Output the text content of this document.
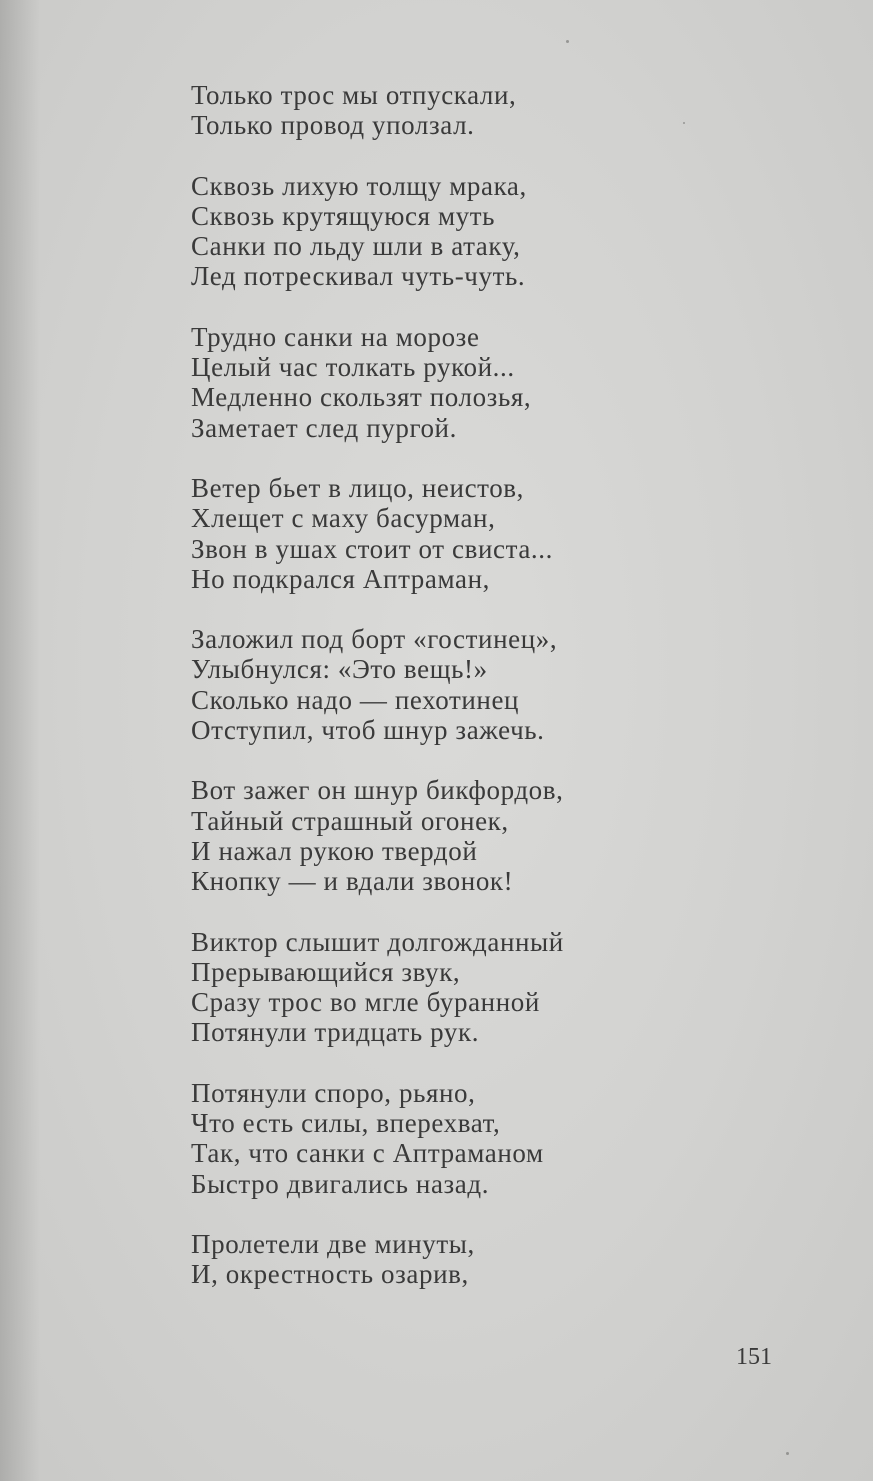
Только трос мы отпускали,
Только провод уползал.
Сквозь лихую толщу мрака,
Сквозь крутящуюся муть
Санки по льду шли в атаку,
Лед потрескивал чуть-чуть.
Трудно санки на морозе
Целый час толкать рукой...
Медленно скользят полозья,
Заметает след пургой.
Ветер бьет в лицо, неистов,
Хлещет с маху басурман,
Звон в ушах стоит от свиста...
Но подкрался Аптраман,
Заложил под борт «гостинец»,
Улыбнулся: «Это вещь!»
Сколько надо — пехотинец
Отступил, чтоб шнур зажечь.
Вот зажег он шнур бикфордов,
Тайный страшный огонек,
И нажал рукою твердой
Кнопку — и вдали звонок!
Виктор слышит долгожданный
Прерывающийся звук,
Сразу трос во мгле буранной
Потянули тридцать рук.
Потянули споро, рьяно,
Что есть силы, вперехват,
Так, что санки с Аптраманом
Быстро двигались назад.
Пролетели две минуты,
И, окрестность озарив,
151
